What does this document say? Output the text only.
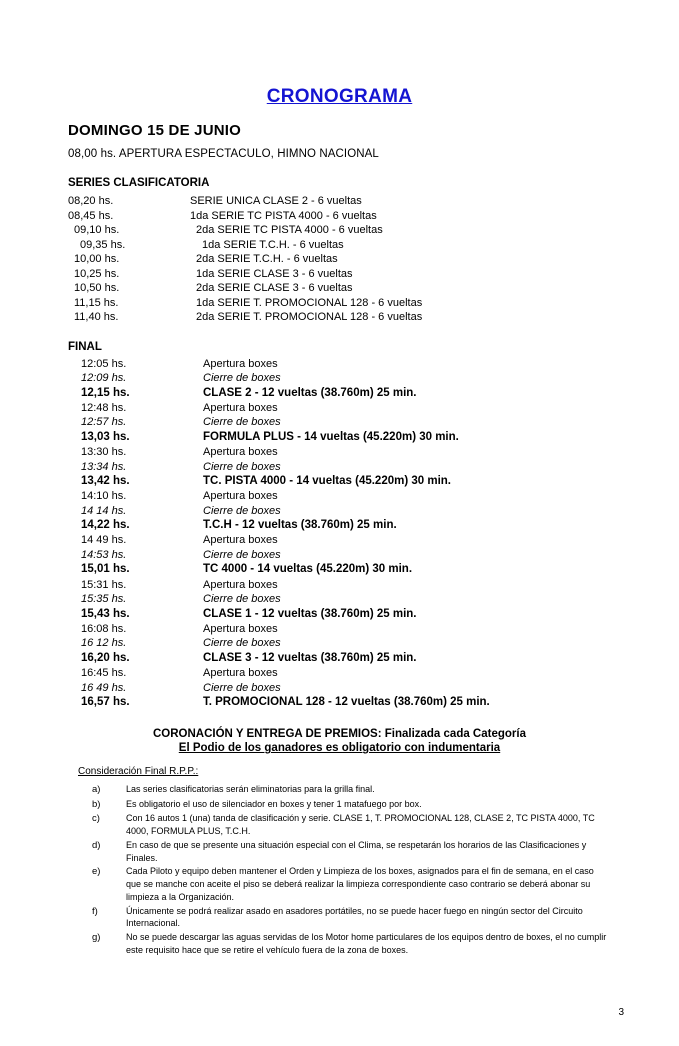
CRONOGRAMA
DOMINGO 15 DE JUNIO
08,00 hs. APERTURA ESPECTACULO, HIMNO NACIONAL
SERIES CLASIFICATORIA
08,20 hs.	SERIE UNICA CLASE 2 - 6 vueltas
08,45 hs.	1da SERIE TC PISTA 4000 - 6 vueltas
09,10 hs.	2da SERIE TC PISTA 4000 - 6 vueltas
09,35 hs.	1da SERIE T.C.H. - 6 vueltas
10,00 hs.	2da SERIE T.C.H. - 6 vueltas
10,25 hs.	1da SERIE CLASE 3 - 6 vueltas
10,50 hs.	2da SERIE CLASE 3 - 6 vueltas
11,15 hs.	1da SERIE T. PROMOCIONAL 128 - 6 vueltas
11,40 hs.	2da SERIE T. PROMOCIONAL 128 - 6 vueltas
FINAL
12:05 hs.	Apertura boxes
12:09 hs.	Cierre de boxes
12,15 hs.	CLASE 2 - 12 vueltas (38.760m) 25 min.
12:48 hs.	Apertura boxes
12:57 hs.	Cierre de boxes
13,03 hs.	FORMULA PLUS - 14 vueltas (45.220m) 30 min.
13:30 hs.	Apertura boxes
13:34 hs.	Cierre de boxes
13,42 hs.	TC. PISTA 4000 - 14 vueltas (45.220m) 30 min.
14:10 hs.	Apertura boxes
14 14 hs.	Cierre de boxes
14,22 hs.	T.C.H - 12 vueltas (38.760m) 25 min.
14 49 hs.	Apertura boxes
14:53 hs.	Cierre de boxes
15,01 hs.	TC 4000 - 14 vueltas (45.220m) 30 min.
15:31 hs.	Apertura boxes
15:35 hs.	Cierre de boxes
15,43 hs.	CLASE 1 - 12 vueltas (38.760m) 25 min.
16:08 hs.	Apertura boxes
16 12 hs.	Cierre de boxes
16,20 hs.	CLASE 3 - 12 vueltas (38.760m) 25 min.
16:45 hs.	Apertura boxes
16 49 hs.	Cierre de boxes
16,57 hs.	T. PROMOCIONAL 128 - 12 vueltas (38.760m) 25 min.
CORONACIÓN Y ENTREGA DE PREMIOS: Finalizada cada Categoría
El Podio de los ganadores es obligatorio con indumentaria
Consideración Final R.P.P.:
a)	Las series clasificatorias serán eliminatorias para la grilla final.
b)	Es obligatorio el uso de silenciador en boxes y tener 1 matafuego por box.
c)	Con 16 autos 1 (una) tanda de clasificación y serie. CLASE 1, T. PROMOCIONAL 128, CLASE 2, TC PISTA 4000, TC 4000, FORMULA PLUS, T.C.H.
d)	En caso de que se presente una situación especial con el Clima, se respetarán los horarios de las Clasificaciones y Finales.
e)	Cada Piloto y equipo deben mantener el Orden y Limpieza de los boxes, asignados para el fin de semana, en el caso que se manche con aceite el piso se deberá realizar la limpieza correspondiente caso contrario se deberá abonar su limpieza a la Organización.
f)	Únicamente se podrá realizar asado en asadores portátiles, no se puede hacer fuego en ningún sector del Circuito Internacional.
g)	No se puede descargar las aguas servidas de los Motor home particulares de los equipos dentro de boxes, el no cumplir este requisito hace que se retire el vehículo fuera de la zona de boxes.
3
